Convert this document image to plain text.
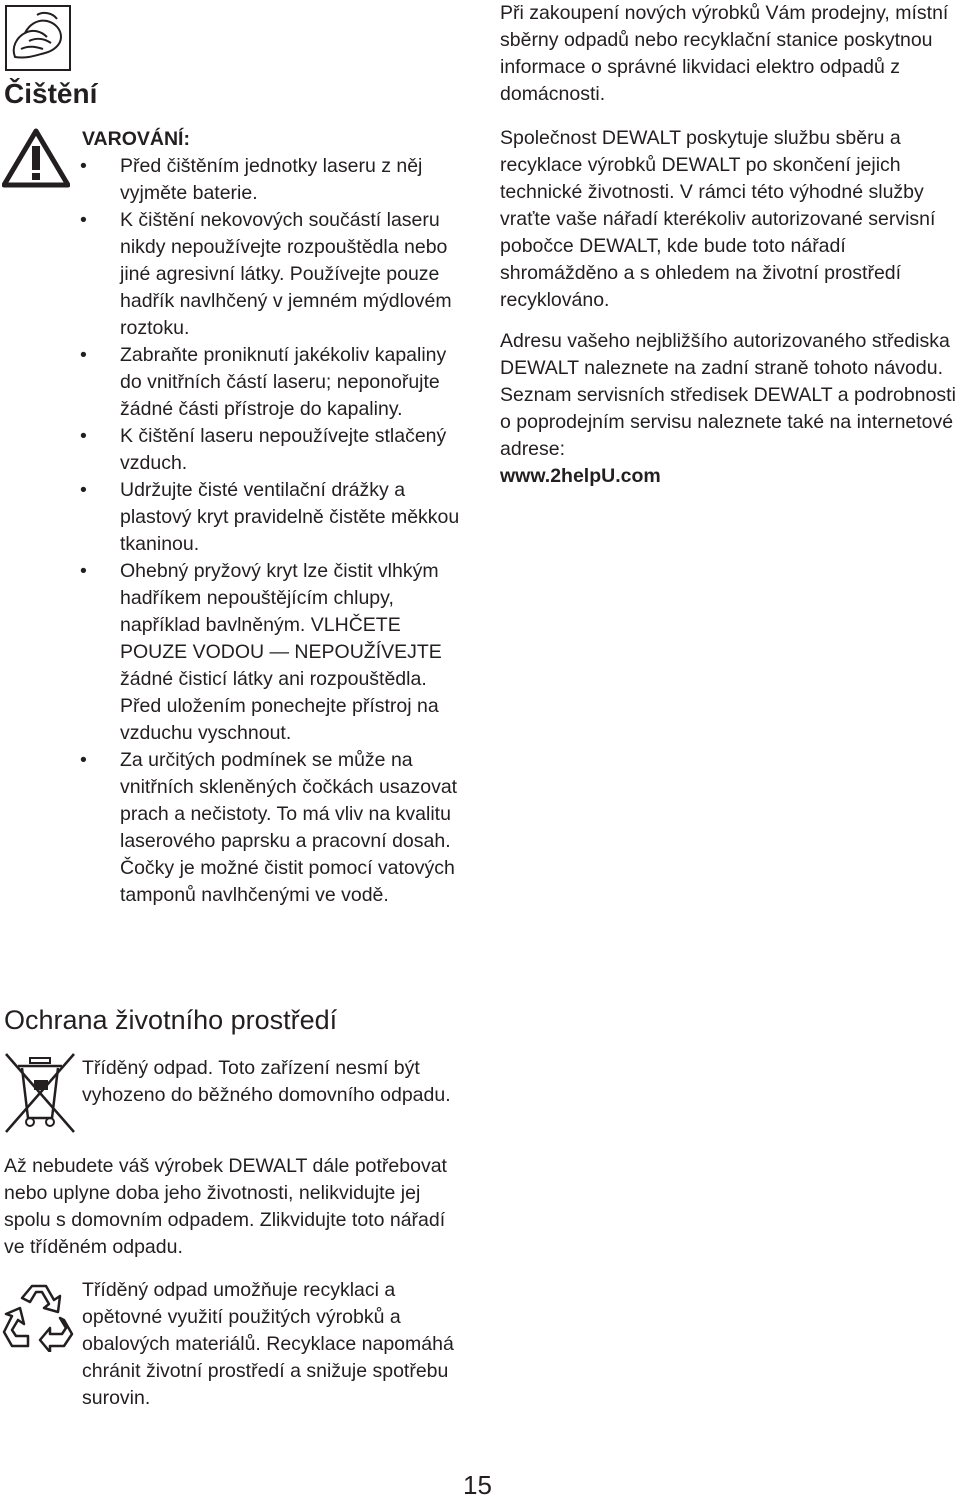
Čištění
VAROVÁNÍ:
• Před čištěním jednotky laseru z něj vyjměte baterie.
• K čištění nekovových součástí laseru nikdy nepoužívejte rozpouštědla nebo jiné agresivní látky. Používejte pouze hadřík navlhčený v jemném mýdlovém roztoku.
• Zabraňte proniknutí jakékoliv kapaliny do vnitřních částí laseru; neponořujte žádné části přístroje do kapaliny.
• K čištění laseru nepoužívejte stlačený vzduch.
• Udržujte čisté ventilační drážky a plastový kryt pravidelně čistěte měkkou tkaninou.
• Ohebný pryžový kryt lze čistit vlhkým hadříkem nepouštějícím chlupy, například bavlněným. VLHČETE POUZE VODOU — NEPOUŽÍVEJTE žádné čisticí látky ani rozpouštědla. Před uložením ponechejte přístroj na vzduchu vyschnout.
• Za určitých podmínek se může na vnitřních skleněných čočkách usazovat prach a nečistoty. To má vliv na kvalitu laserového paprsku a pracovní dosah. Čočky je možné čistit pomocí vatových tamponů navlhčenými ve vodě.
Ochrana životního prostředí

Tříděný odpad. Toto zařízení nesmí být vyhozeno do běžného domovního odpadu.

Až nebudete váš výrobek DEWALT dále potřebovat nebo uplyne doba jeho životnosti, nelikvidujte jej spolu s domovním odpadem. Zlikvidujte toto nářadí ve tříděném odpadu.

Tříděný odpad umožňuje recyklaci a opětovné využití použitých výrobků a obalových materiálů. Recyklace napomáhá chránit životní prostředí a snižuje spotřebu surovin.

Při zakoupení nových výrobků Vám prodejny, místní sběrny odpadů nebo recyklační stanice poskytnou informace o správné likvidaci elektro odpadů z domácnosti.

Společnost DEWALT poskytuje službu sběru a recyklace výrobků DEWALT po skončení jejich technické životnosti. V rámci této výhodné služby vraťte vaše nářadí kterékoliv autorizované servisní pobočce DEWALT, kde bude toto nářadí shromážděno a s ohledem na životní prostředí recyklováno.

Adresu vašeho nejbližšího autorizovaného střediska DEWALT naleznete na zadní straně tohoto návodu. Seznam servisních středisek DEWALT a podrobnosti o poprodejním servisu naleznete také na internetové adrese:

www.2helpU.com

15
